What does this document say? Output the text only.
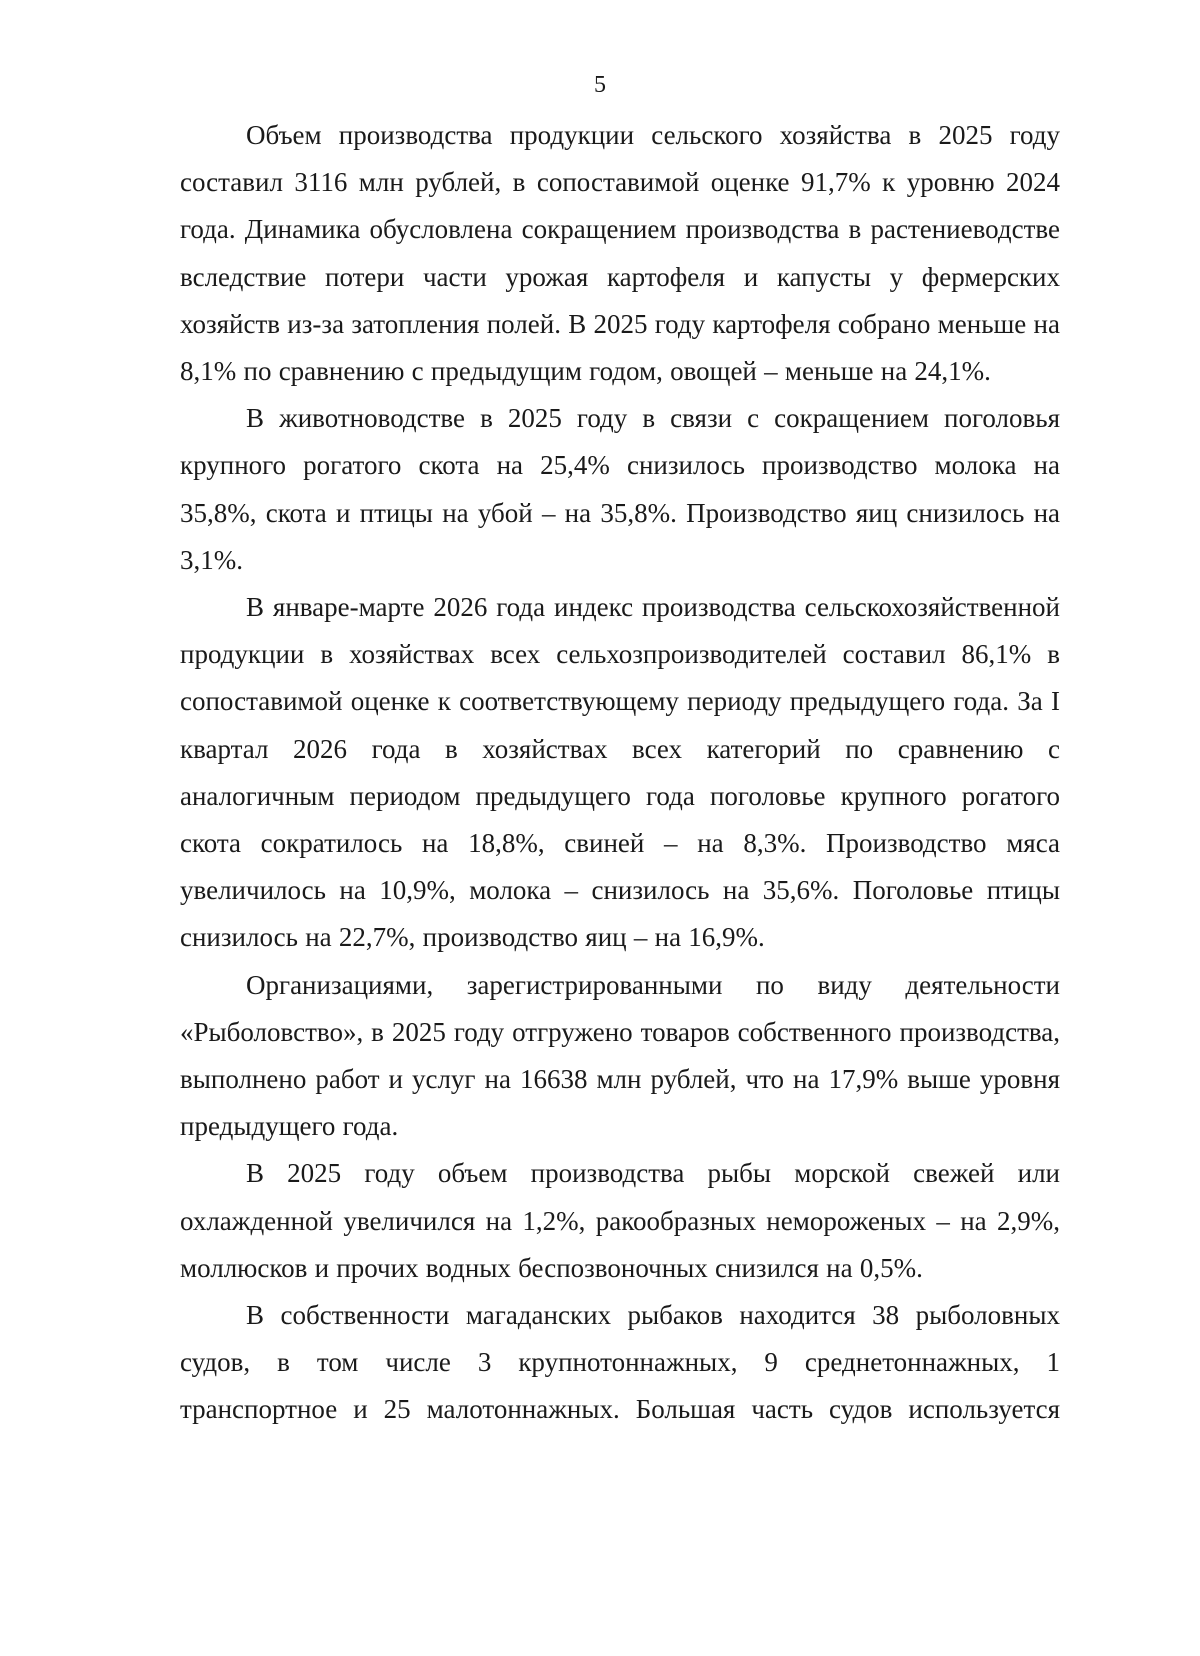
5

Объем производства продукции сельского хозяйства в 2025 году составил 3116 млн рублей, в сопоставимой оценке 91,7% к уровню 2024 года. Динамика обусловлена сокращением производства в растениеводстве вследствие потери части урожая картофеля и капусты у фермерских хозяйств из-за затопления полей. В 2025 году картофеля собрано меньше на 8,1% по сравнению с предыдущим годом, овощей – меньше на 24,1%.

В животноводстве в 2025 году в связи с сокращением поголовья крупного рогатого скота на 25,4% снизилось производство молока на 35,8%, скота и птицы на убой – на 35,8%. Производство яиц снизилось на 3,1%.

В январе-марте 2026 года индекс производства сельскохозяйственной продукции в хозяйствах всех сельхозпроизводителей составил 86,1% в сопоставимой оценке к соответствующему периоду предыдущего года. За I квартал 2026 года в хозяйствах всех категорий по сравнению с аналогичным периодом предыдущего года поголовье крупного рогатого скота сократилось на 18,8%, свиней – на 8,3%. Производство мяса увеличилось на 10,9%, молока – снизилось на 35,6%. Поголовье птицы снизилось на 22,7%, производство яиц – на 16,9%.

Организациями, зарегистрированными по виду деятельности «Рыболовство», в 2025 году отгружено товаров собственного производства, выполнено работ и услуг на 16638 млн рублей, что на 17,9% выше уровня предыдущего года.

В 2025 году объем производства рыбы морской свежей или охлажденной увеличился на 1,2%, ракообразных немороженых – на 2,9%, моллюсков и прочих водных беспозвоночных снизился на 0,5%.

В собственности магаданских рыбаков находится 38 рыболовных судов, в том числе 3 крупнотоннажных, 9 среднетоннажных, 1 транспортное и 25 малотоннажных. Большая часть судов используется
